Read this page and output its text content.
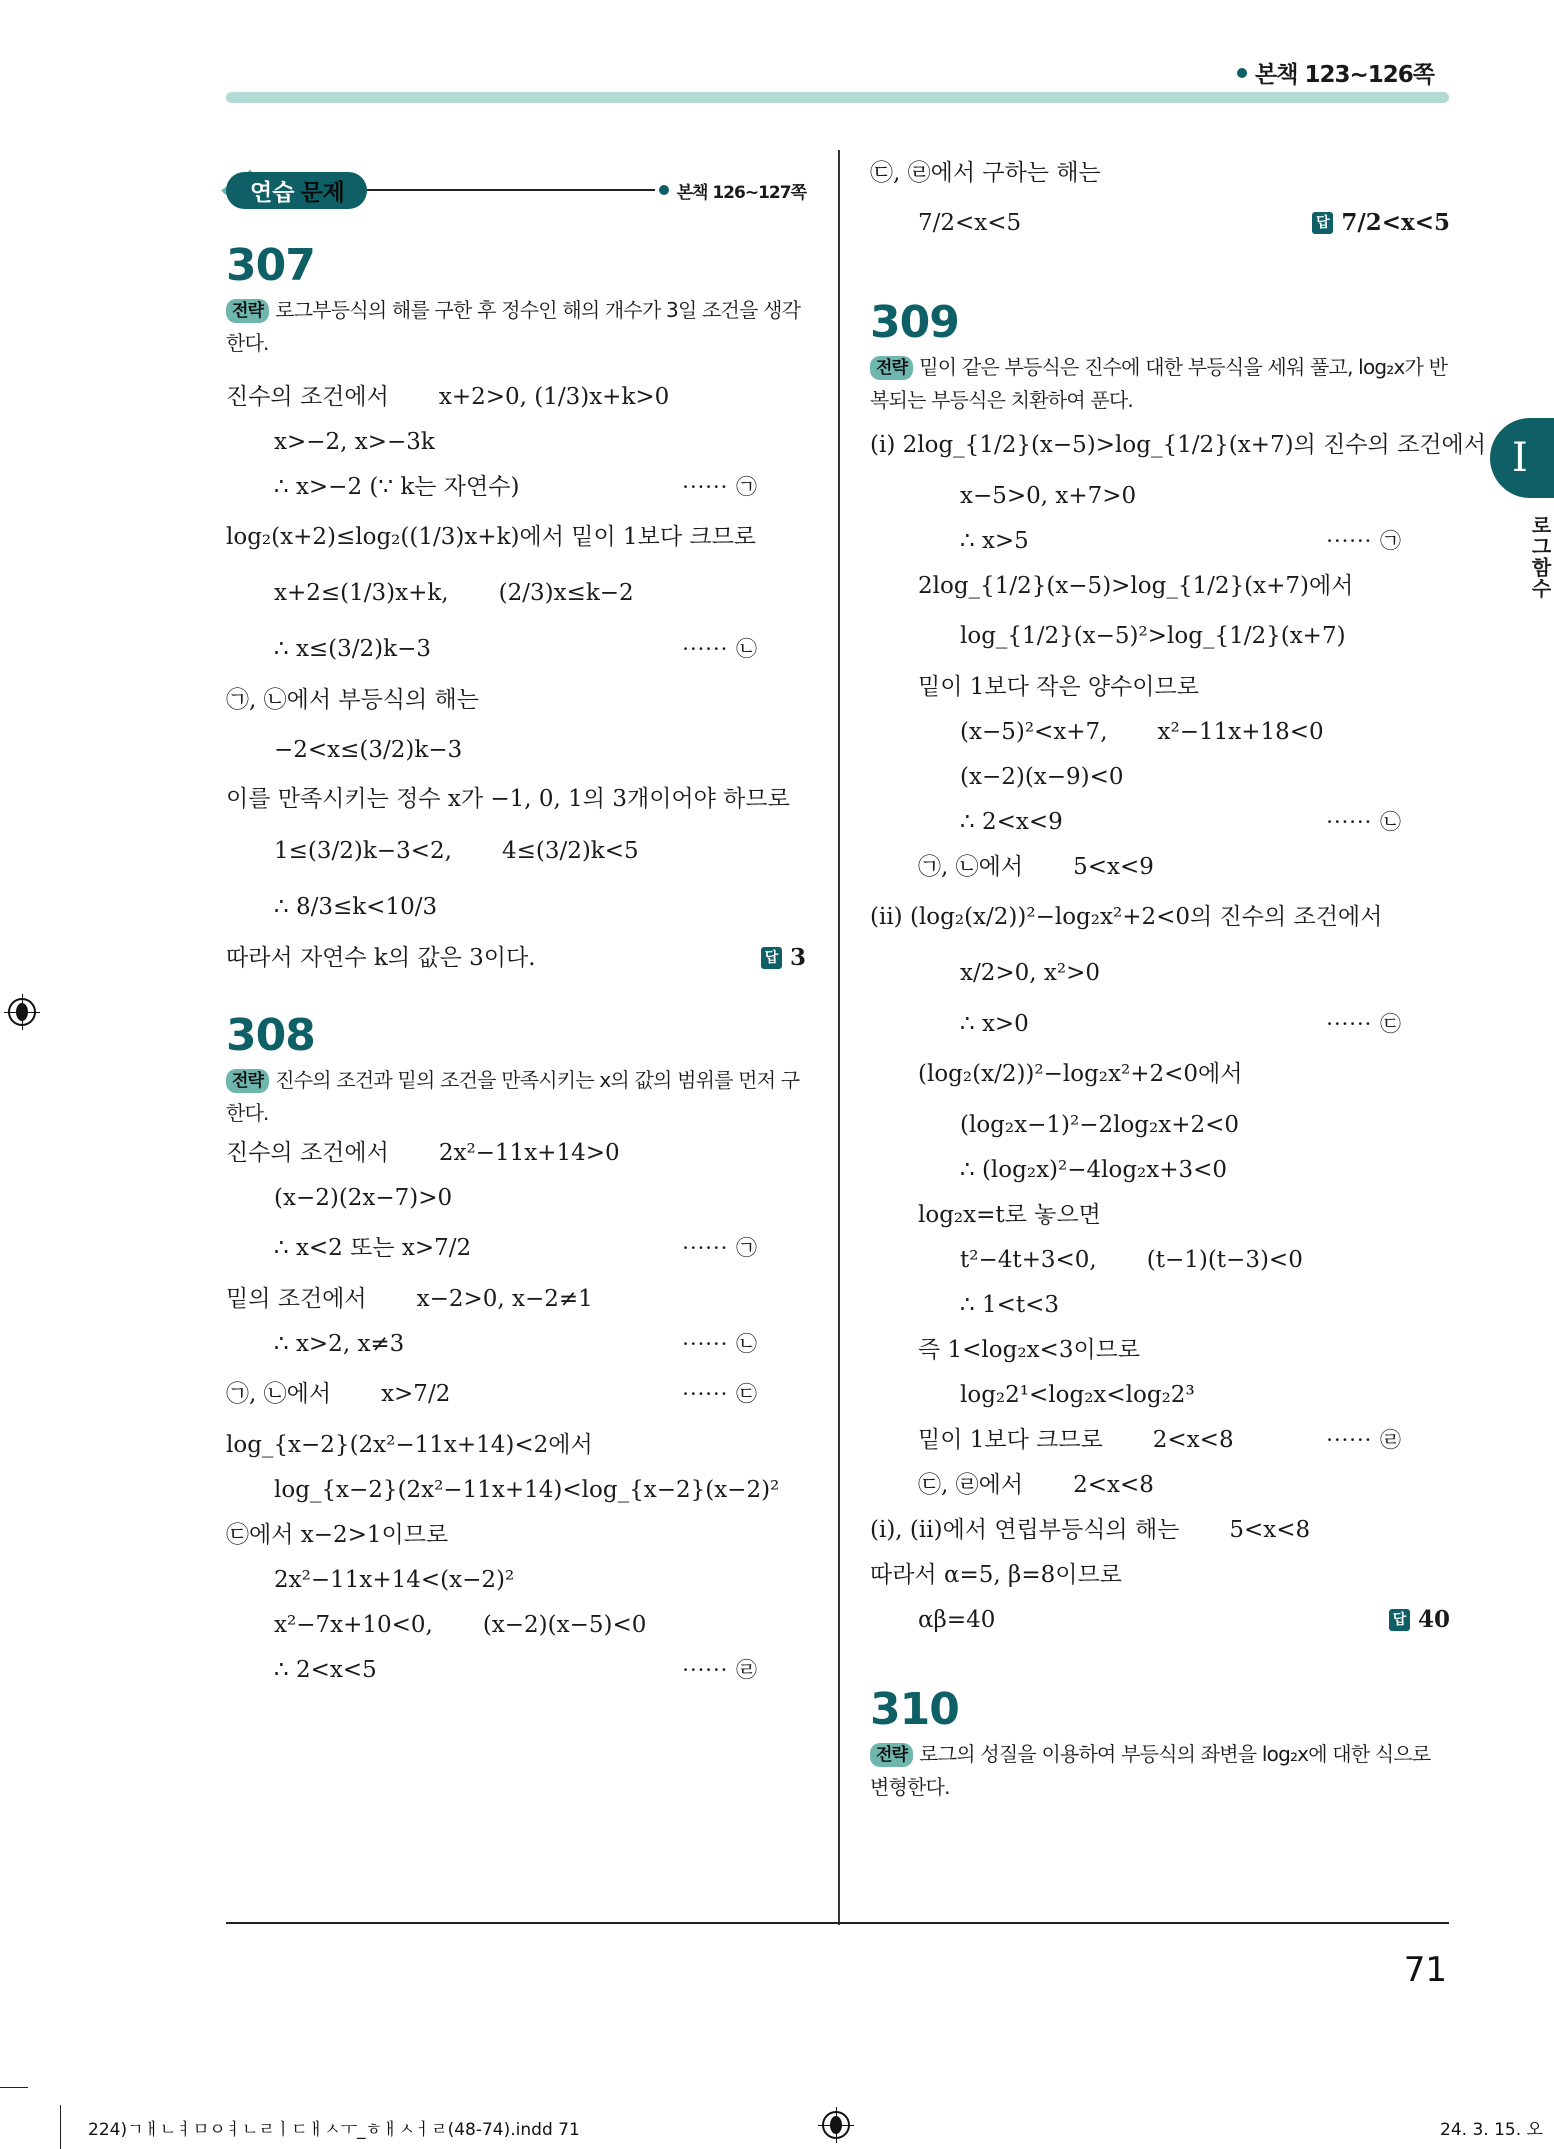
본책 123~126쪽
I
로그함수
연습 문제	본책 126~127쪽
307
전략 로그부등식의 해를 구한 후 정수인 해의 개수가 3일 조건을 생각한다.
진수의 조건에서 x+2>0, (1/3)x+k>0
x>−2, x>−3k
∴ x>−2 (∵ k는 자연수)	······ ㉠
log₂(x+2)≤log₂((1/3)x+k)에서 밑이 1보다 크므로
x+2≤(1/3)x+k, (2/3)x≤k−2
∴ x≤(3/2)k−3	······ ㉡
㉠, ㉡에서 부등식의 해는
−2<x≤(3/2)k−3
이를 만족시키는 정수 x가 −1, 0, 1의 3개이어야 하므로
1≤(3/2)k−3<2, 4≤(3/2)k<5
∴ 8/3≤k<10/3
따라서 자연수 k의 값은 3이다.	답 3
308
전략 진수의 조건과 밑의 조건을 만족시키는 x의 값의 범위를 먼저 구한다.
진수의 조건에서 2x²−11x+14>0
(x−2)(2x−7)>0
∴ x<2 또는 x>7/2	······ ㉠
밑의 조건에서 x−2>0, x−2≠1
∴ x>2, x≠3	······ ㉡
㉠, ㉡에서 x>7/2	······ ㉢
log_{x−2}(2x²−11x+14)<2에서
log_{x−2}(2x²−11x+14)<log_{x−2}(x−2)²
㉢에서 x−2>1이므로
2x²−11x+14<(x−2)²
x²−7x+10<0, (x−2)(x−5)<0
∴ 2<x<5	······ ㉣
㉢, ㉣에서 구하는 해는
7/2<x<5	답 7/2<x<5
309
전략 밑이 같은 부등식은 진수에 대한 부등식을 세워 풀고, log₂x가 반복되는 부등식은 치환하여 푼다.
(i) 2log_{1/2}(x−5)>log_{1/2}(x+7)의 진수의 조건에서
x−5>0, x+7>0
∴ x>5	······ ㉠
2log_{1/2}(x−5)>log_{1/2}(x+7)에서
log_{1/2}(x−5)²>log_{1/2}(x+7)
밑이 1보다 작은 양수이므로
(x−5)²<x+7, x²−11x+18<0
(x−2)(x−9)<0
∴ 2<x<9	······ ㉡
㉠, ㉡에서 5<x<9
(ii) (log₂(x/2))²−log₂x²+2<0의 진수의 조건에서
x/2>0, x²>0
∴ x>0	······ ㉢
(log₂(x/2))²−log₂x²+2<0에서
(log₂x−1)²−2log₂x+2<0
∴ (log₂x)²−4log₂x+3<0
log₂x=t로 놓으면
t²−4t+3<0, (t−1)(t−3)<0
∴ 1<t<3
즉 1<log₂x<3이므로
log₂2¹<log₂x<log₂2³
밑이 1보다 크므로 2<x<8	······ ㉣
㉢, ㉣에서 2<x<8
(i), (ii)에서 연립부등식의 해는 5<x<8
따라서 α=5, β=8이므로
αβ=40	답 40
310
전략 로그의 성질을 이용하여 부등식의 좌변을 log₂x에 대한 식으로 변형한다.
71
224)ㄱㅐㄴㅕㅁㅇㅕㄴㄹㅣㄷㅐㅅㅜ_ㅎㅐㅅㅓㄹ(48-74).indd 71	24. 3. 15. 오
